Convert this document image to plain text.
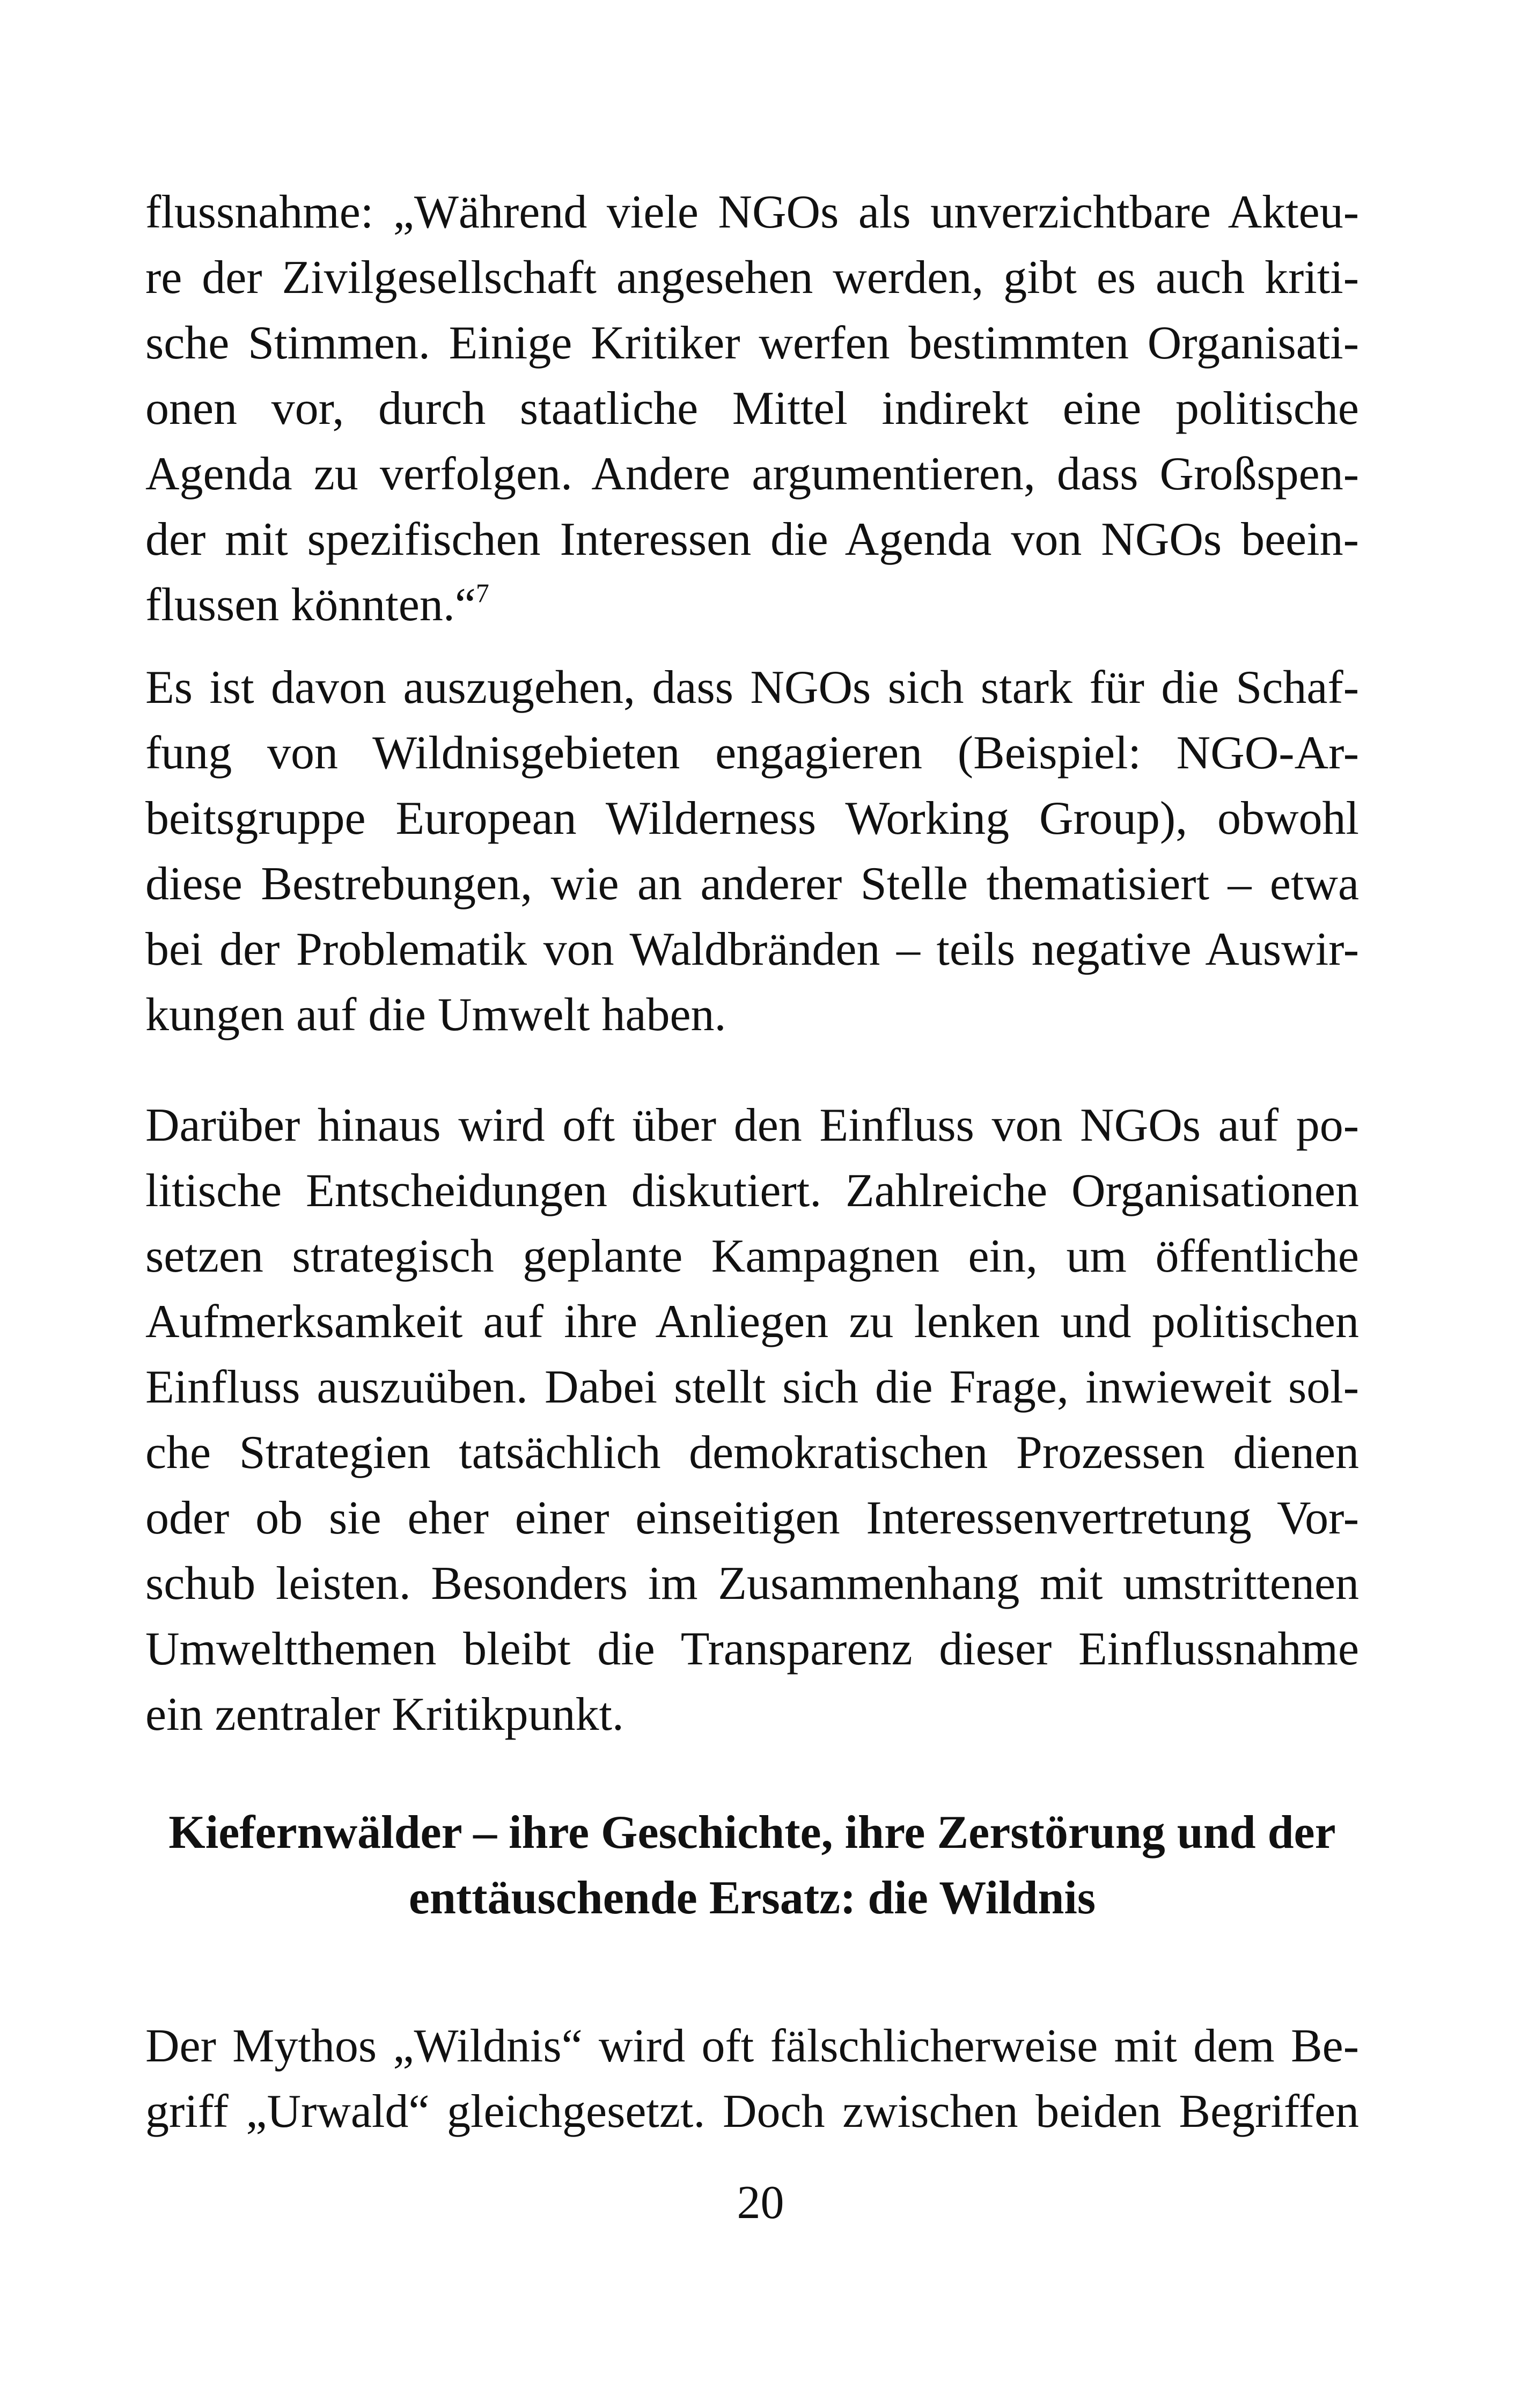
flussnahme: „Während viele NGOs als unverzichtbare Akteu-
re der Zivilgesellschaft angesehen werden, gibt es auch kriti-
sche Stimmen. Einige Kritiker werfen bestimmten Organisati-
onen vor, durch staatliche Mittel indirekt eine politische
Agenda zu verfolgen. Andere argumentieren, dass Großspen-
der mit spezifischen Interessen die Agenda von NGOs beein-
flussen könnten.“$^7$
Es ist davon auszugehen, dass NGOs sich stark für die Schaf-
fung von Wildnisgebieten engagieren (Beispiel: NGO-Ar-
beitsgruppe European Wilderness Working Group), obwohl
diese Bestrebungen, wie an anderer Stelle thematisiert – etwa
bei der Problematik von Waldbränden – teils negative Auswir-
kungen auf die Umwelt haben.
Darüber hinaus wird oft über den Einfluss von NGOs auf po-
litische Entscheidungen diskutiert. Zahlreiche Organisationen
setzen strategisch geplante Kampagnen ein, um öffentliche
Aufmerksamkeit auf ihre Anliegen zu lenken und politischen
Einfluss auszuüben. Dabei stellt sich die Frage, inwieweit sol-
che Strategien tatsächlich demokratischen Prozessen dienen
oder ob sie eher einer einseitigen Interessenvertretung Vor-
schub leisten. Besonders im Zusammenhang mit umstrittenen
Umweltthemen bleibt die Transparenz dieser Einflussnahme
ein zentraler Kritikpunkt.
Kiefernwälder – ihre Geschichte, ihre Zerstörung und der
enttäuschende Ersatz: die Wildnis
Der Mythos „Wildnis“ wird oft fälschlicherweise mit dem Be-
griff „Urwald“ gleichgesetzt. Doch zwischen beiden Begriffen
20
